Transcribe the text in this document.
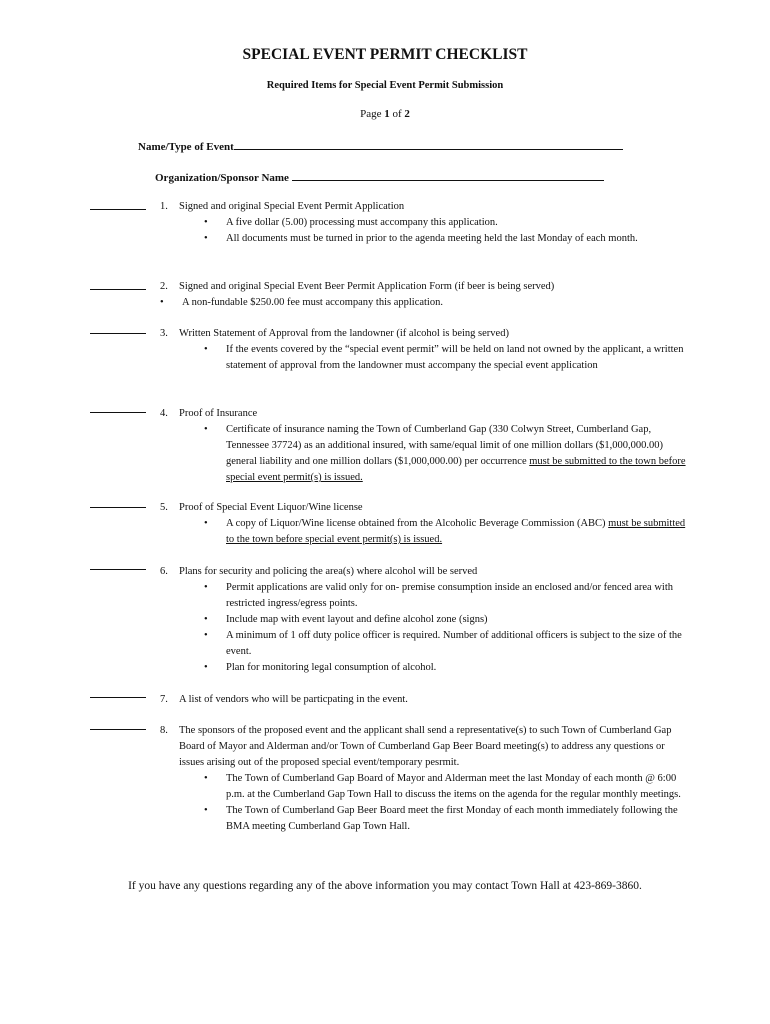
SPECIAL EVENT PERMIT CHECKLIST
Required Items for Special Event Permit Submission
Page 1 of 2
Name/Type of Event
Organization/Sponsor Name
1.	Signed and original Special Event Permit Application
• A five dollar (5.00) processing must accompany this application.
• All documents must be turned in prior to the agenda meeting held the last Monday of each month.
2.	Signed and original Special Event Beer Permit Application Form (if beer is being served)
• A non-fundable $250.00 fee must accompany this application.
3.	Written Statement of Approval from the landowner (if alcohol is being served)
• If the events covered by the “special event permit” will be held on land not owned by the applicant, a written statement of approval from the landowner must accompany the special event application
4.	Proof of Insurance
• Certificate of insurance naming the Town of Cumberland Gap (330 Colwyn Street, Cumberland Gap, Tennessee 37724) as an additional insured, with same/equal limit of one million dollars ($1,000,000.00) general liability and one million dollars ($1,000,000.00) per occurrence must be submitted to the town before special event permit(s) is issued.
5.	Proof of Special Event Liquor/Wine license
• A copy of Liquor/Wine license obtained from the Alcoholic Beverage Commission (ABC) must be submitted to the town before special event permit(s) is issued.
6.	Plans for security and policing the area(s) where alcohol will be served
• Permit applications are valid only for on- premise consumption inside an enclosed and/or fenced area with restricted ingress/egress points.
• Include map with event layout and define alcohol zone (signs)
• A minimum of 1 off duty police officer is required. Number of additional officers is subject to the size of the event.
• Plan for monitoring legal consumption of alcohol.
7.	A list of vendors who will be particpating in the event.
8.	The sponsors of the proposed event and the applicant shall send a representative(s) to such Town of Cumberland Gap Board of Mayor and Alderman and/or Town of Cumberland Gap Beer Board meeting(s) to address any questions or issues arising out of the proposed special event/temporary pesrmit.
• The Town of Cumberland Gap Board of Mayor and Alderman meet the last Monday of each month @ 6:00 p.m. at the Cumberland Gap Town Hall to discuss the items on the agenda for the regular monthly meetings.
• The Town of Cumberland Gap Beer Board meet the first Monday of each month immediately following the BMA meeting Cumberland Gap Town Hall.
If you have any questions regarding any of the above information you may contact Town Hall at 423-869-3860.
